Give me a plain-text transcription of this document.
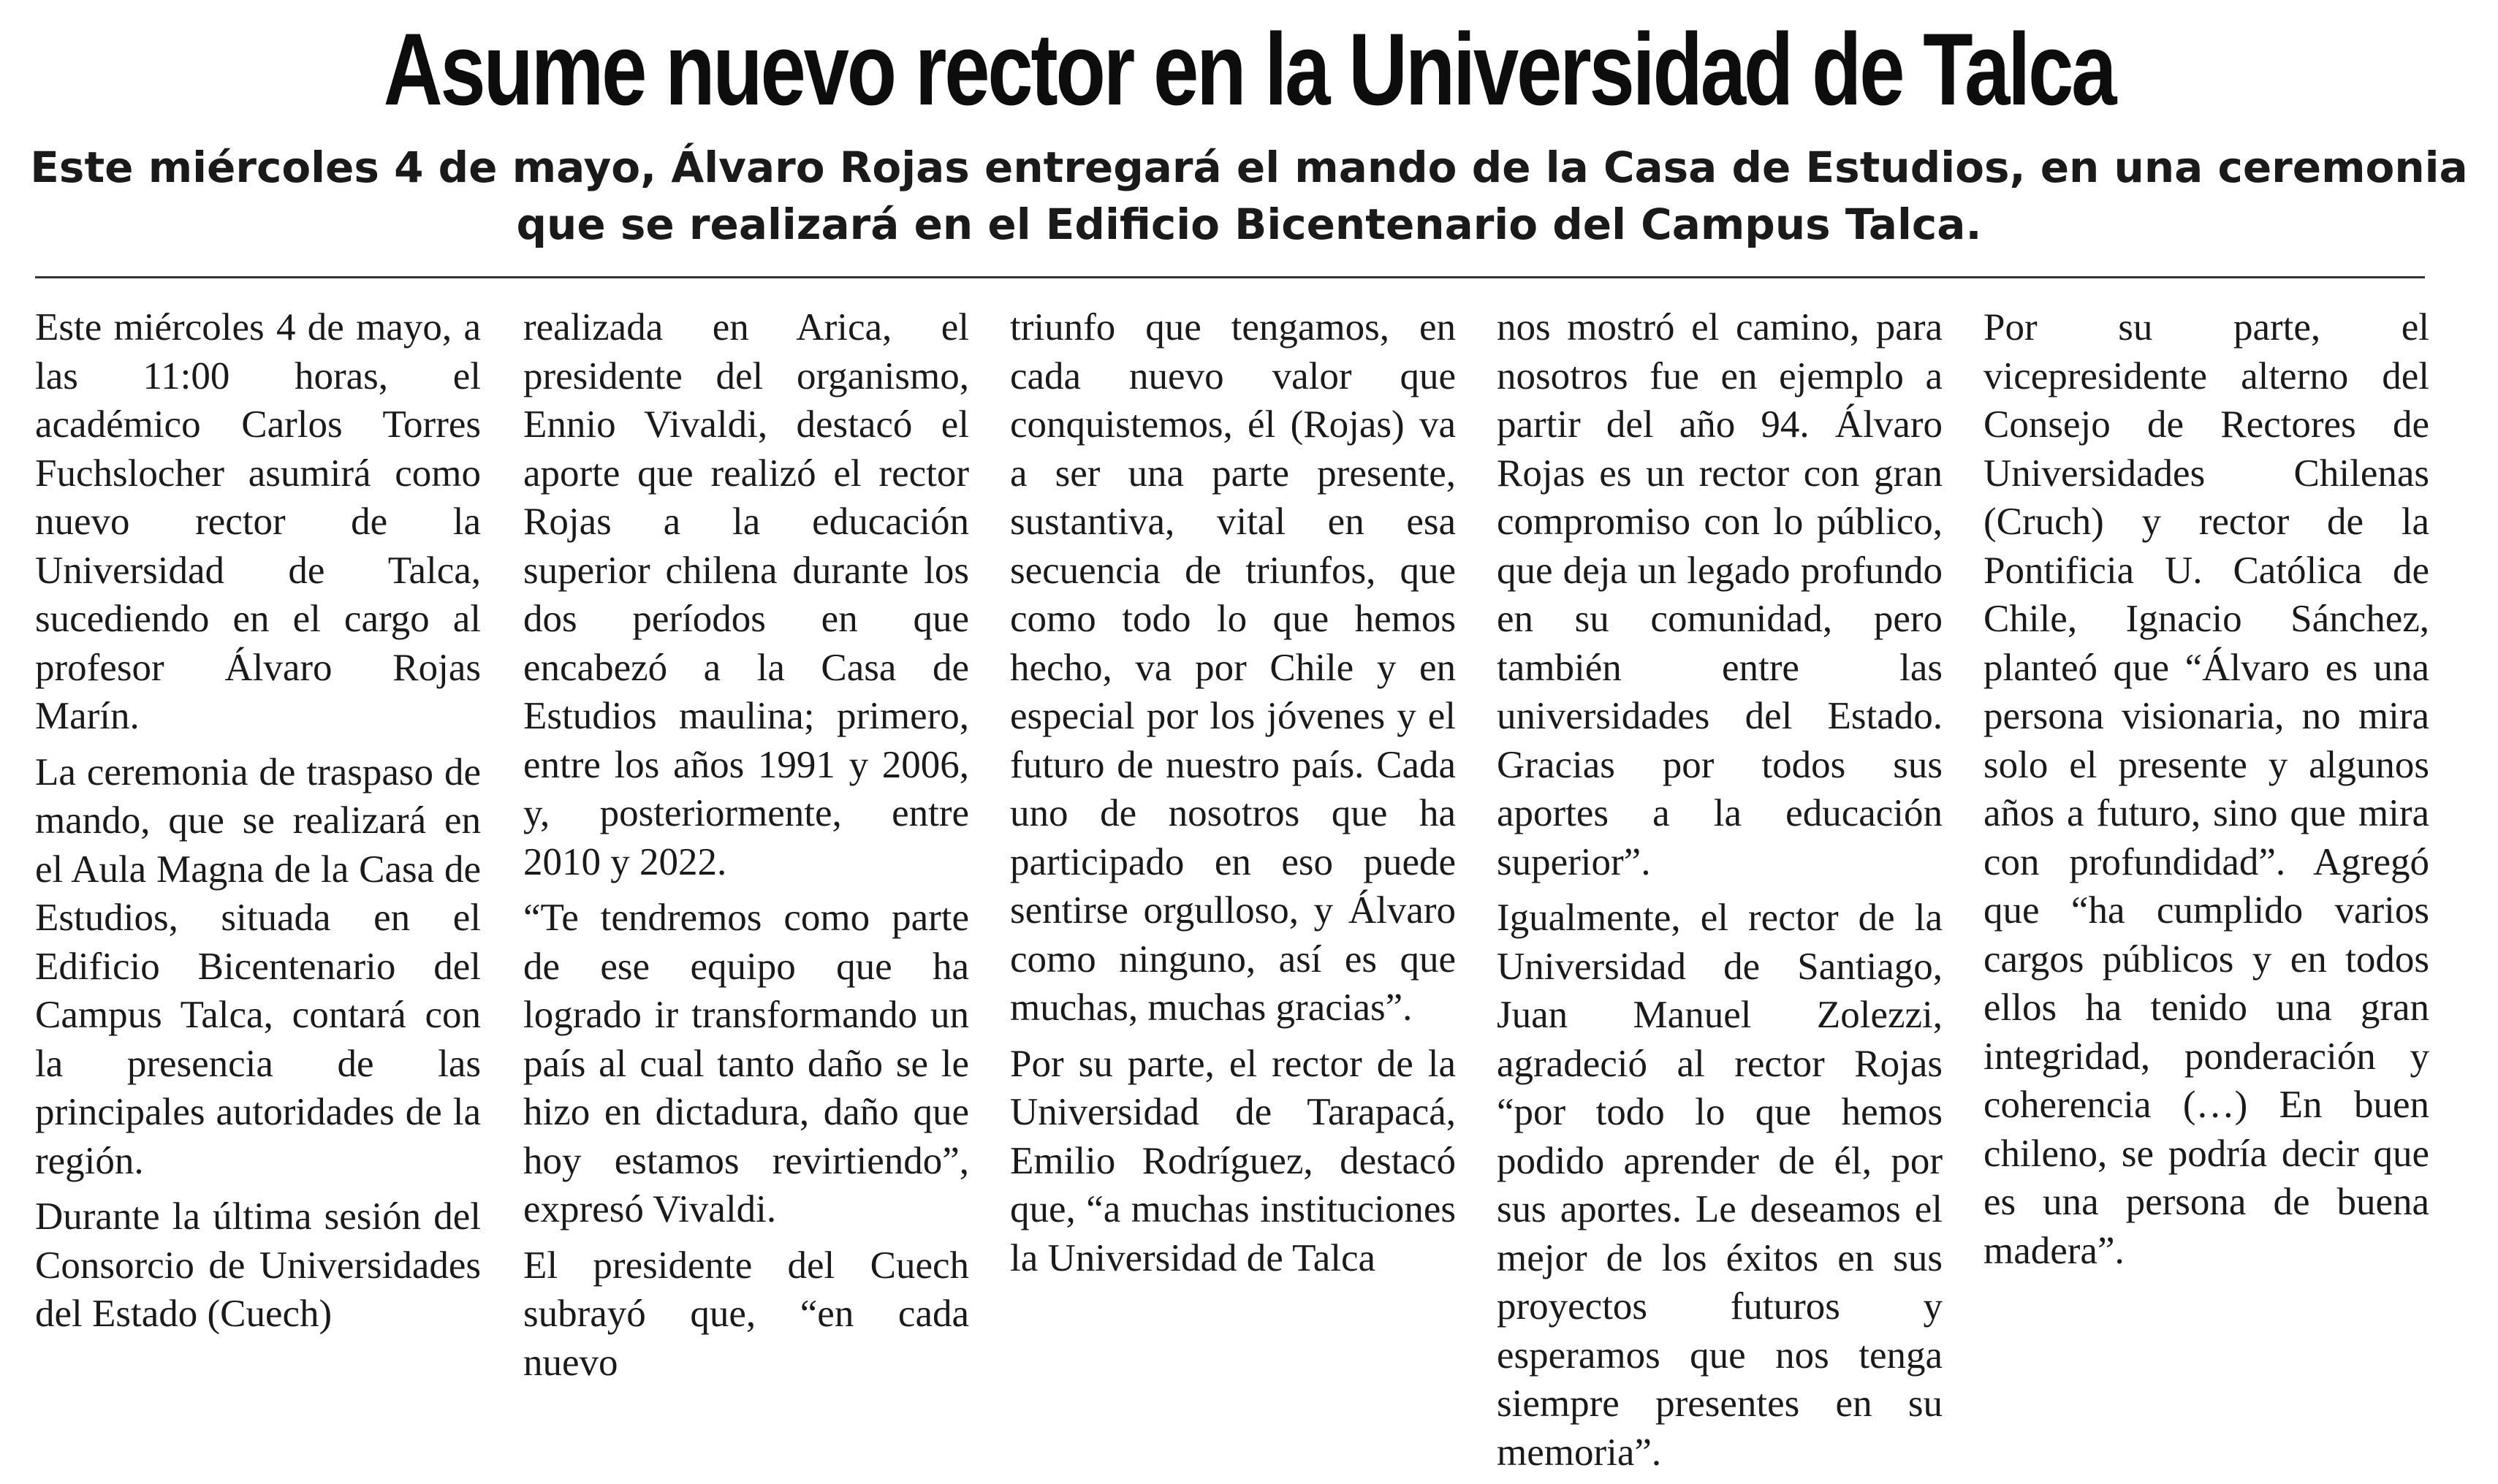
Asume nuevo rector en la Universidad de Talca
Este miércoles 4 de mayo, Álvaro Rojas entregará el mando de la Casa de Estudios, en una ceremonia que se realizará en el Edificio Bicentenario del Campus Talca.

Este miércoles 4 de mayo, a las 11:00 horas, el académico Carlos Torres Fuchslocher asumirá como nuevo rector de la Universidad de Talca, sucediendo en el cargo al profesor Álvaro Rojas Marín.

La ceremonia de traspaso de mando, que se realizará en el Aula Magna de la Casa de Estudios, situada en el Edificio Bicentenario del Campus Talca, contará con la presencia de las principales autoridades de la región.

Durante la última sesión del Consorcio de Universidades del Estado (Cuech)

realizada en Arica, el presidente del organismo, Ennio Vivaldi, destacó el aporte que realizó el rector Rojas a la educación superior chilena durante los dos períodos en que encabezó a la Casa de Estudios maulina; primero, entre los años 1991 y 2006, y, posteriormente, entre 2010 y 2022.

“Te tendremos como parte de ese equipo que ha logrado ir transformando un país al cual tanto daño se le hizo en dictadura, daño que hoy estamos revirtiendo”, expresó Vivaldi.

El presidente del Cuech subrayó que, “en cada nuevo

triunfo que tengamos, en cada nuevo valor que conquistemos, él (Rojas) va a ser una parte presente, sustantiva, vital en esa secuencia de triunfos, que como todo lo que hemos hecho, va por Chile y en especial por los jóvenes y el futuro de nuestro país. Cada uno de nosotros que ha participado en eso puede sentirse orgulloso, y Álvaro como ninguno, así es que muchas, muchas gracias”.

Por su parte, el rector de la Universidad de Tarapacá, Emilio Rodríguez, destacó que, “a muchas instituciones la Universidad de Talca

nos mostró el camino, para nosotros fue en ejemplo a partir del año 94. Álvaro Rojas es un rector con gran compromiso con lo público, que deja un legado profundo en su comunidad, pero también entre las universidades del Estado. Gracias por todos sus aportes a la educación superior”.

Igualmente, el rector de la Universidad de Santiago, Juan Manuel Zolezzi, agradeció al rector Rojas “por todo lo que hemos podido aprender de él, por sus aportes. Le deseamos el mejor de los éxitos en sus proyectos futuros y esperamos que nos tenga siempre presentes en su memoria”.

Por su parte, el vicepresidente alterno del Consejo de Rectores de Universidades Chilenas (Cruch) y rector de la Pontificia U. Católica de Chile, Ignacio Sánchez, planteó que “Álvaro es una persona visionaria, no mira solo el presente y algunos años a futuro, sino que mira con profundidad”. Agregó que “ha cumplido varios cargos públicos y en todos ellos ha tenido una gran integridad, ponderación y coherencia (…) En buen chileno, se podría decir que es una persona de buena madera”.
